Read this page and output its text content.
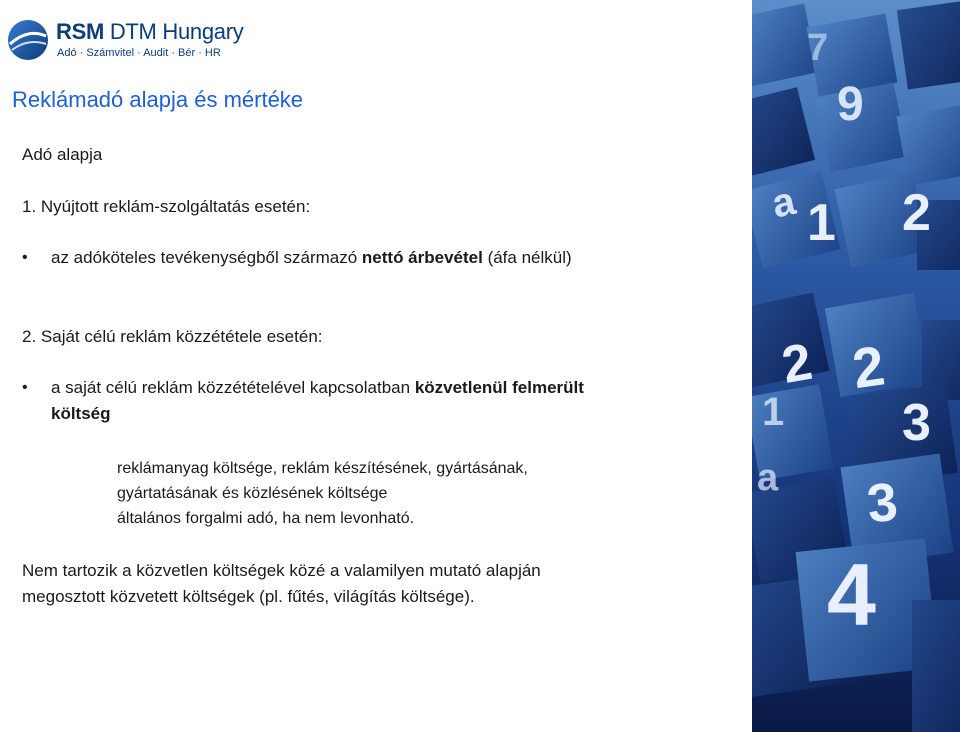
RSM DTM Hungary
Adó · Számvitel · Audit · Bér · HR
Reklámadó alapja és mértéke
Adó alapja
1. Nyújtott reklám-szolgáltatás esetén:
• az adóköteles tevékenységből származó nettó árbevétel (áfa nélkül)
2. Saját célú reklám közzététele esetén:
• a saját célú reklám közzétételével kapcsolatban közvetlenül felmerült
költség
reklámanyag költsége, reklám készítésének, gyártásának,
gyártatásának és közlésének költsége
általános forgalmi adó, ha nem levonható.
Nem tartozik a közvetlen költségek közé a valamilyen mutató alapján
megosztott közvetett költségek (pl. fűtés, világítás költsége).
7
9
a 1 2
2 2
1 3
a 3
4
